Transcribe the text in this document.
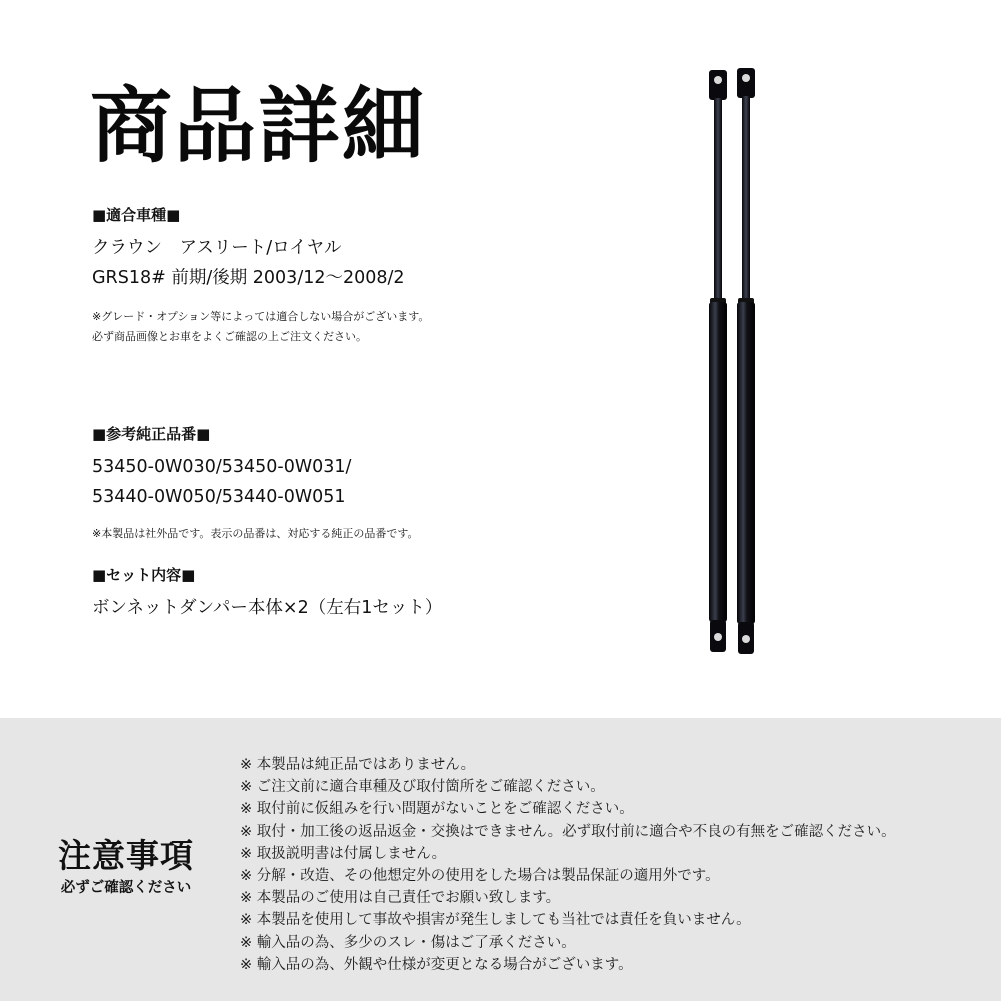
商品詳細
■適合車種■
クラウン　アスリート/ロイヤル
GRS18# 前期/後期 2003/12～2008/2
※グレード・オプション等によっては適合しない場合がございます。
必ず商品画像とお車をよくご確認の上ご注文ください。
■参考純正品番■
53450-0W030/53450-0W031/
53440-0W050/53440-0W051
※本製品は社外品です。表示の品番は、対応する純正の品番です。
■セット内容■
ボンネットダンパー本体×2（左右1セット）
注意事項
必ずご確認ください
※ 本製品は純正品ではありません。
※ ご注文前に適合車種及び取付箇所をご確認ください。
※ 取付前に仮組みを行い問題がないことをご確認ください。
※ 取付・加工後の返品返金・交換はできません。必ず取付前に適合や不良の有無をご確認ください。
※ 取扱説明書は付属しません。
※ 分解・改造、その他想定外の使用をした場合は製品保証の適用外です。
※ 本製品のご使用は自己責任でお願い致します。
※ 本製品を使用して事故や損害が発生しましても当社では責任を負いません。
※ 輸入品の為、多少のスレ・傷はご了承ください。
※ 輸入品の為、外観や仕様が変更となる場合がございます。
